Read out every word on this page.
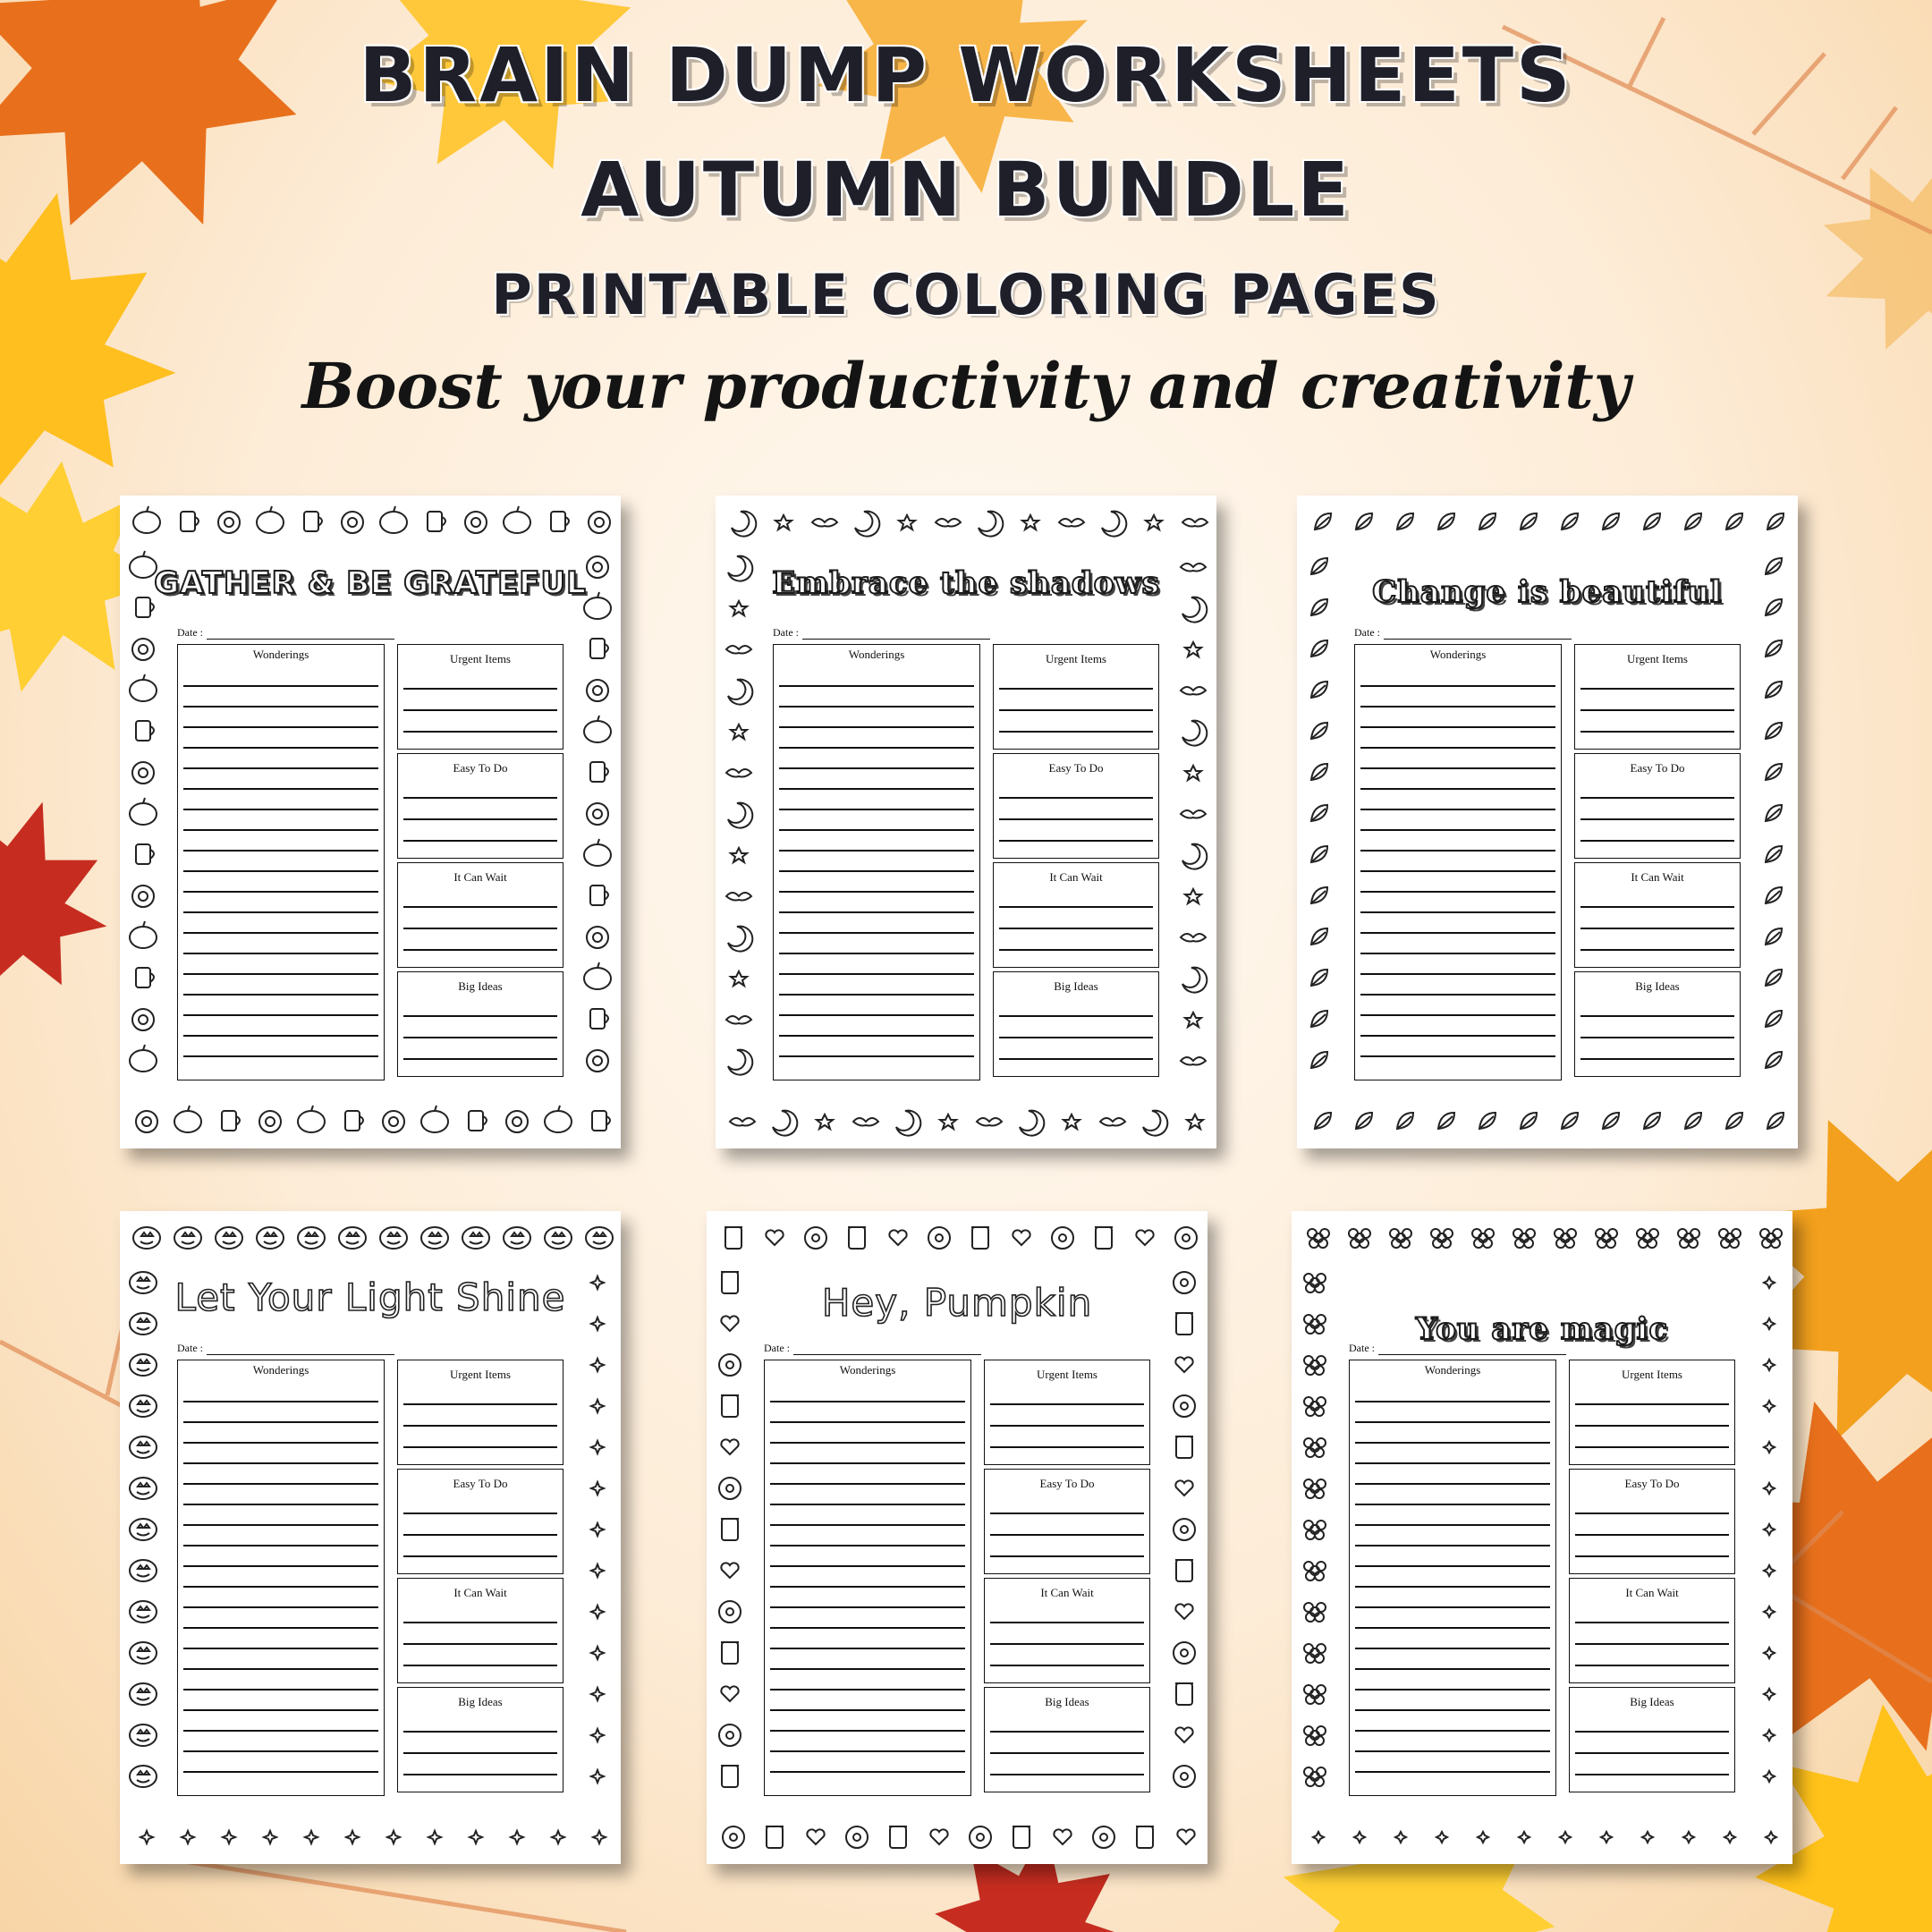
BRAIN DUMP WORKSHEETS
AUTUMN BUNDLE
PRINTABLE COLORING PAGES
Boost your productivity and creativity
GATHER & BE GRATEFUL
Date :
Wonderings	Urgent Items
Easy To Do
It Can Wait
Big Ideas
Embrace the shadows
Date :
Wonderings	Urgent Items
Easy To Do
It Can Wait
Big Ideas
Change is beautiful
Date :
Wonderings	Urgent Items
Easy To Do
It Can Wait
Big Ideas
Let Your Light Shine
Date :
Wonderings	Urgent Items
Easy To Do
It Can Wait
Big Ideas
Hey, Pumpkin
Date :
Wonderings	Urgent Items
Easy To Do
It Can Wait
Big Ideas
You are magic
Date :
Wonderings	Urgent Items
Easy To Do
It Can Wait
Big Ideas
